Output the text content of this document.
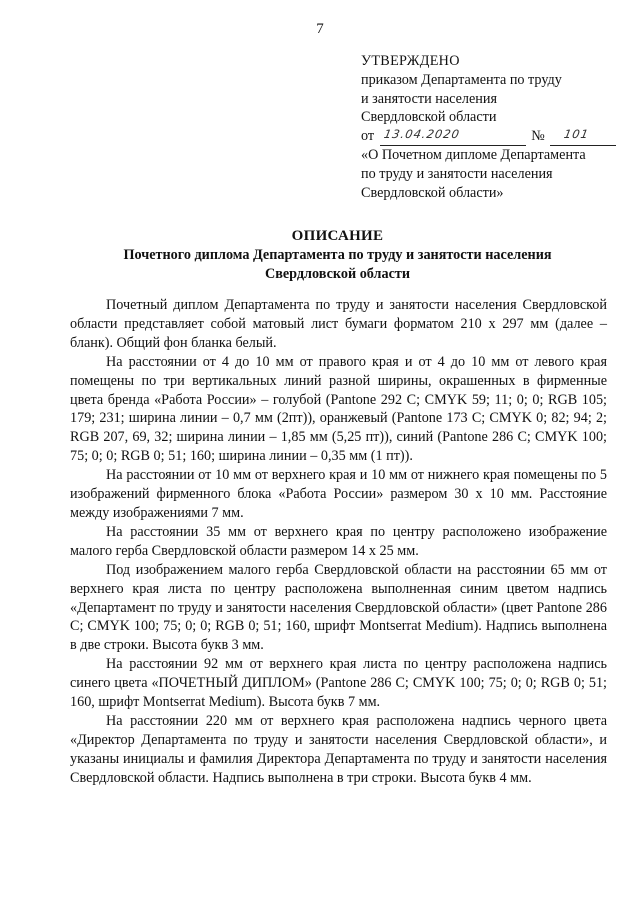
7
УТВЕРЖДЕНО
приказом Департамента по труду
и занятости населения
Свердловской области
от 13.04.2020	№ 101
«О Почетном дипломе Департамента
по труду и занятости населения
Свердловской области»
ОПИСАНИЕ
Почетного диплома Департамента по труду и занятости населения
Свердловской области

Почетный диплом Департамента по труду и занятости населения Свердловской области представляет собой матовый лист бумаги форматом 210 x 297 мм (далее – бланк). Общий фон бланка белый.

На расстоянии от 4 до 10 мм от правого края и от 4 до 10 мм от левого края помещены по три вертикальных линий разной ширины, окрашенных в фирменные цвета бренда «Работа России» – голубой (Pantone 292 C; CMYK 59; 11; 0; 0; RGB 105; 179; 231; ширина линии – 0,7 мм (2пт)), оранжевый (Pantone 173 C; CMYK 0; 82; 94; 2; RGB 207, 69, 32; ширина линии – 1,85 мм (5,25 пт)), синий (Pantone 286 C; CMYK 100; 75; 0; 0; RGB 0; 51; 160; ширина линии – 0,35 мм (1 пт)).

На расстоянии от 10 мм от верхнего края и 10 мм от нижнего края помещены по 5 изображений фирменного блока «Работа России» размером 30 х 10 мм. Расстояние между изображениями 7 мм.

На расстоянии 35 мм от верхнего края по центру расположено изображение малого герба Свердловской области размером 14 х 25 мм.

Под изображением малого герба Свердловской области на расстоянии 65 мм от верхнего края листа по центру расположена выполненная синим цветом надпись «Департамент по труду и занятости населения Свердловской области» (цвет Pantone 286 C; CMYK 100; 75; 0; 0; RGB 0; 51; 160, шрифт Montserrat Medium). Надпись выполнена в две строки. Высота букв 3 мм.

На расстоянии 92 мм от верхнего края листа по центру расположена надпись синего цвета «ПОЧЕТНЫЙ ДИПЛОМ» (Pantone 286 C; CMYK 100; 75; 0; 0; RGB 0; 51; 160, шрифт Montserrat Medium). Высота букв 7 мм.

На расстоянии 220 мм от верхнего края расположена надпись черного цвета «Директор Департамента по труду и занятости населения Свердловской области», и указаны инициалы и фамилия Директора Департамента по труду и занятости населения Свердловской области. Надпись выполнена в три строки. Высота букв 4 мм.
